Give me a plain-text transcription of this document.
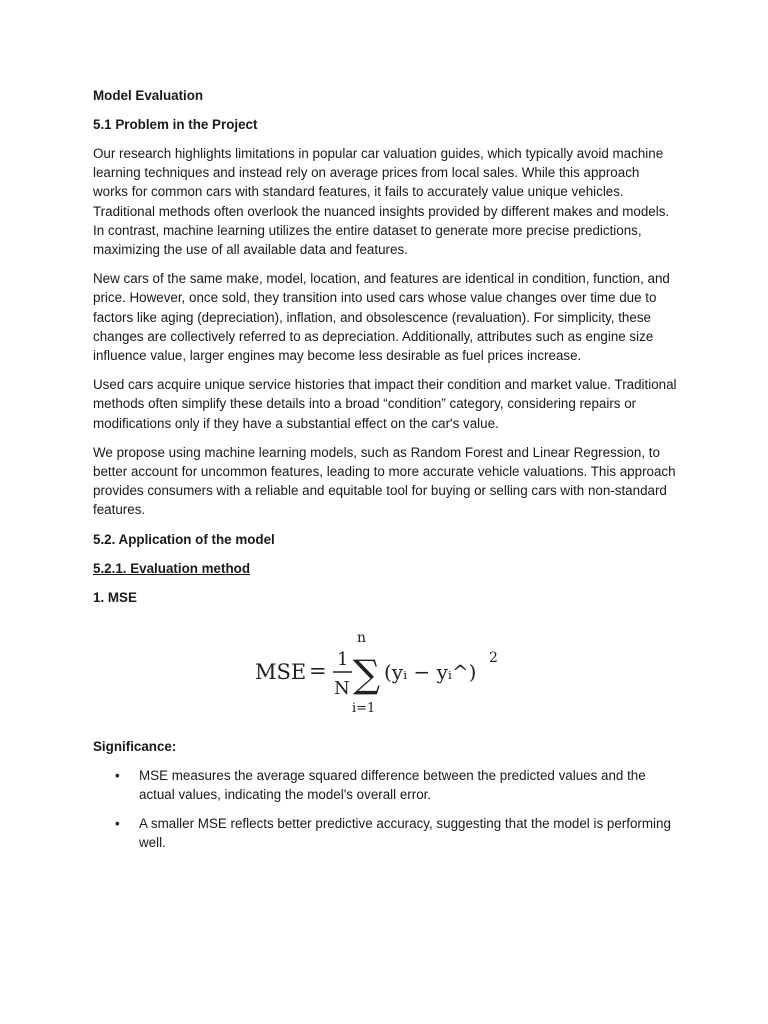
Model Evaluation
5.1 Problem in the Project

Our research highlights limitations in popular car valuation guides, which typically avoid machine learning techniques and instead rely on average prices from local sales. While this approach works for common cars with standard features, it fails to accurately value unique vehicles. Traditional methods often overlook the nuanced insights provided by different makes and models. In contrast, machine learning utilizes the entire dataset to generate more precise predictions, maximizing the use of all available data and features.

New cars of the same make, model, location, and features are identical in condition, function, and price. However, once sold, they transition into used cars whose value changes over time due to factors like aging (depreciation), inflation, and obsolescence (revaluation). For simplicity, these changes are collectively referred to as depreciation. Additionally, attributes such as engine size influence value, larger engines may become less desirable as fuel prices increase.

Used cars acquire unique service histories that impact their condition and market value. Traditional methods often simplify these details into a broad “condition” category, considering repairs or modifications only if they have a substantial effect on the car's value.

We propose using machine learning models, such as Random Forest and Linear Regression, to better account for uncommon features, leading to more accurate vehicle valuations. This approach provides consumers with a reliable and equitable tool for buying or selling cars with non-standard features.

5.2. Application of the model
5.2.1. Evaluation method
1. MSE
MSE = 1
N
n
∑
i=1
(yᵢ − yᵢ^)
2
Significance:
• MSE measures the average squared difference between the predicted values and the actual values, indicating the model's overall error.
• A smaller MSE reflects better predictive accuracy, suggesting that the model is performing well.
